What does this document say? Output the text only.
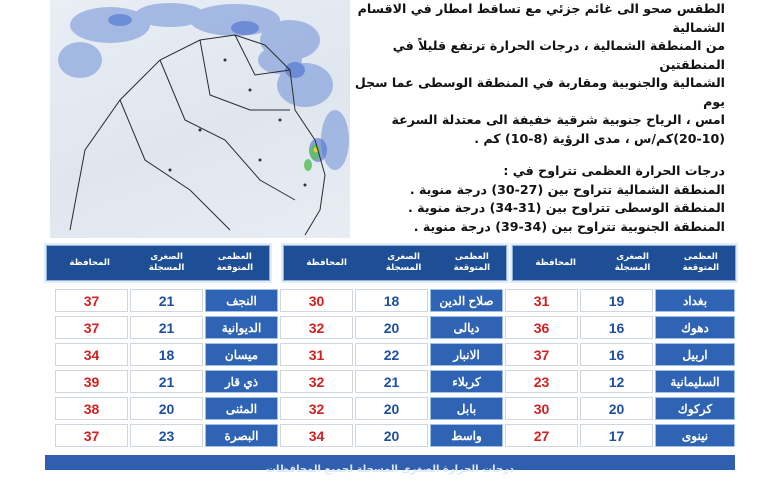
الطقس صحو الى غائم جزئي مع تساقط امطار في الاقسام الشمالية

من المنطقة الشمالية ، درجات الحرارة ترتفع قليلاً في المنطقتين

الشمالية والجنوبية ومقاربة في المنطقة الوسطى عما سجل يوم

امس ، الرياح جنوبية شرقية خفيفة الى معتدلة السرعة

(20-10)كم/س ، مدى الرؤية (8-10) كم .

درجات الحرارة العظمى تتراوح في :

المنطقة الشمالية تتراوح بين (27-30) درجة منوية .

المنطقة الوسطى تتراوح بين (31-34) درجة منوية .

المنطقة الجنوبية تتراوح بين (34-39) درجة منوية .

المحافظة
الصغرى المسجلة
العظمى المتوقعة
المحافظة
الصغرى المسجلة
العظمى المتوقعة
المحافظة
الصغرى المسجلة
العظمى المتوقعة
37
37
34
39
38
37
21
21
18
21
20
23
النجف
الديوانية
ميسان
ذي قار
المثنى
البصرة
30
32
31
32
32
34
18
20
22
21
20
20
صلاح الدين
ديالى
الانبار
كربلاء
بابل
واسط
31
36
37
23
30
27
19
16
16
12
20
17
بغداد
دهوك
اربيل
السليمانية
كركوك
نينوى
درجات الحرارة الصغرى المسجلة لجميع المحافظات
